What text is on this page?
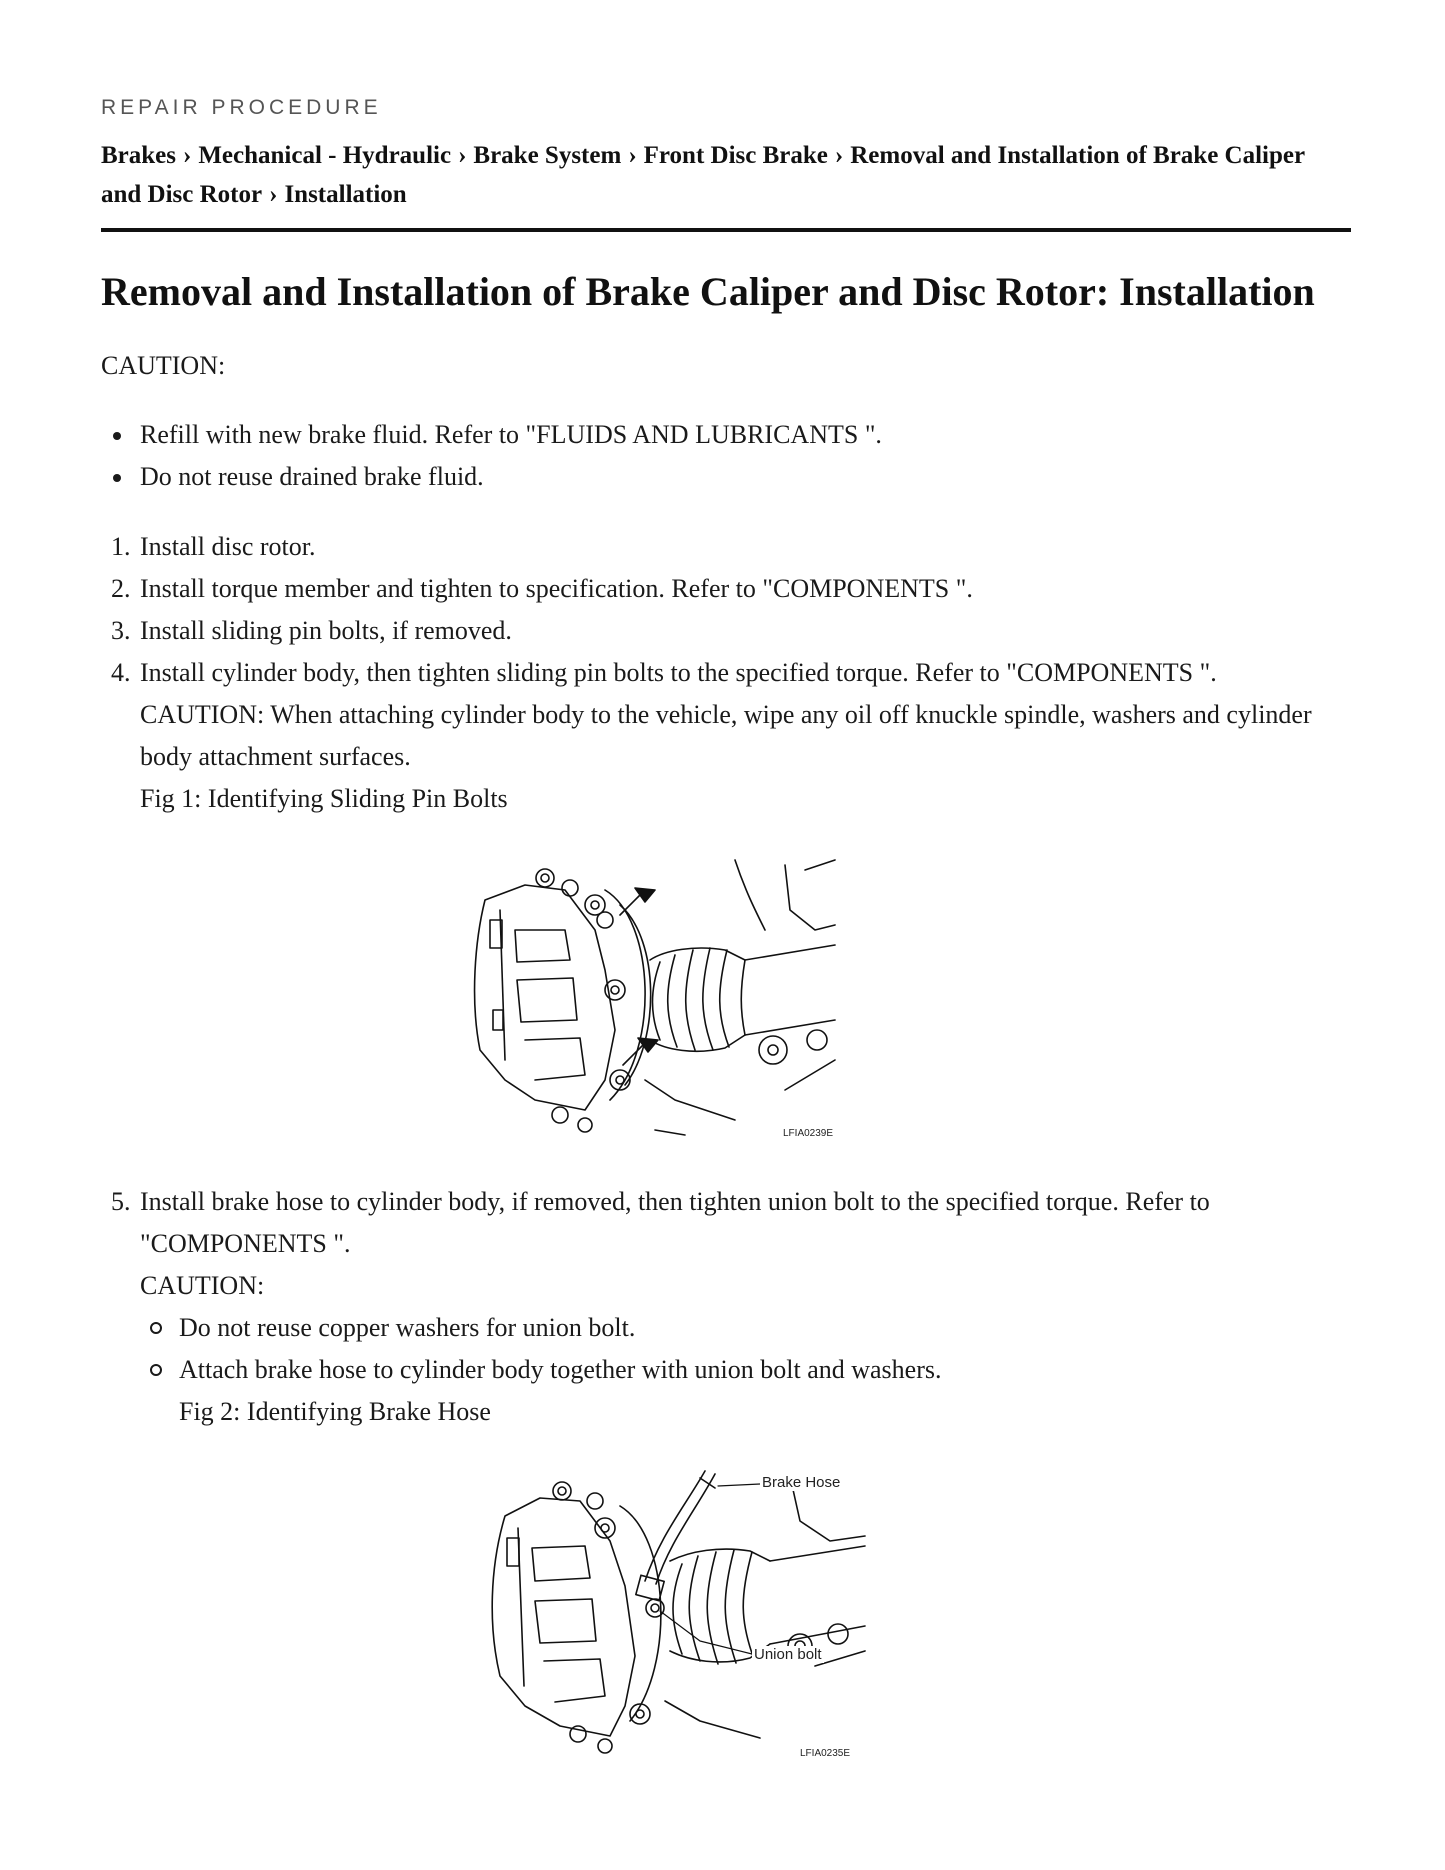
REPAIR PROCEDURE
Brakes › Mechanical - Hydraulic › Brake System › Front Disc Brake › Removal and Installation of Brake Caliper and Disc Rotor › Installation
Removal and Installation of Brake Caliper and Disc Rotor: Installation
CAUTION:
Refill with new brake fluid. Refer to "FLUIDS AND LUBRICANTS ".
Do not reuse drained brake fluid.
1. Install disc rotor.
2. Install torque member and tighten to specification. Refer to "COMPONENTS ".
3. Install sliding pin bolts, if removed.
4. Install cylinder body, then tighten sliding pin bolts to the specified torque. Refer to "COMPONENTS ".
CAUTION: When attaching cylinder body to the vehicle, wipe any oil off knuckle spindle, washers and cylinder body attachment surfaces.
Fig 1: Identifying Sliding Pin Bolts
5. Install brake hose to cylinder body, if removed, then tighten union bolt to the specified torque. Refer to "COMPONENTS ".
CAUTION:
Do not reuse copper washers for union bolt.
Attach brake hose to cylinder body together with union bolt and washers.
Fig 2: Identifying Brake Hose
LFIA0239E
Brake Hose
Union bolt
LFIA0235E
